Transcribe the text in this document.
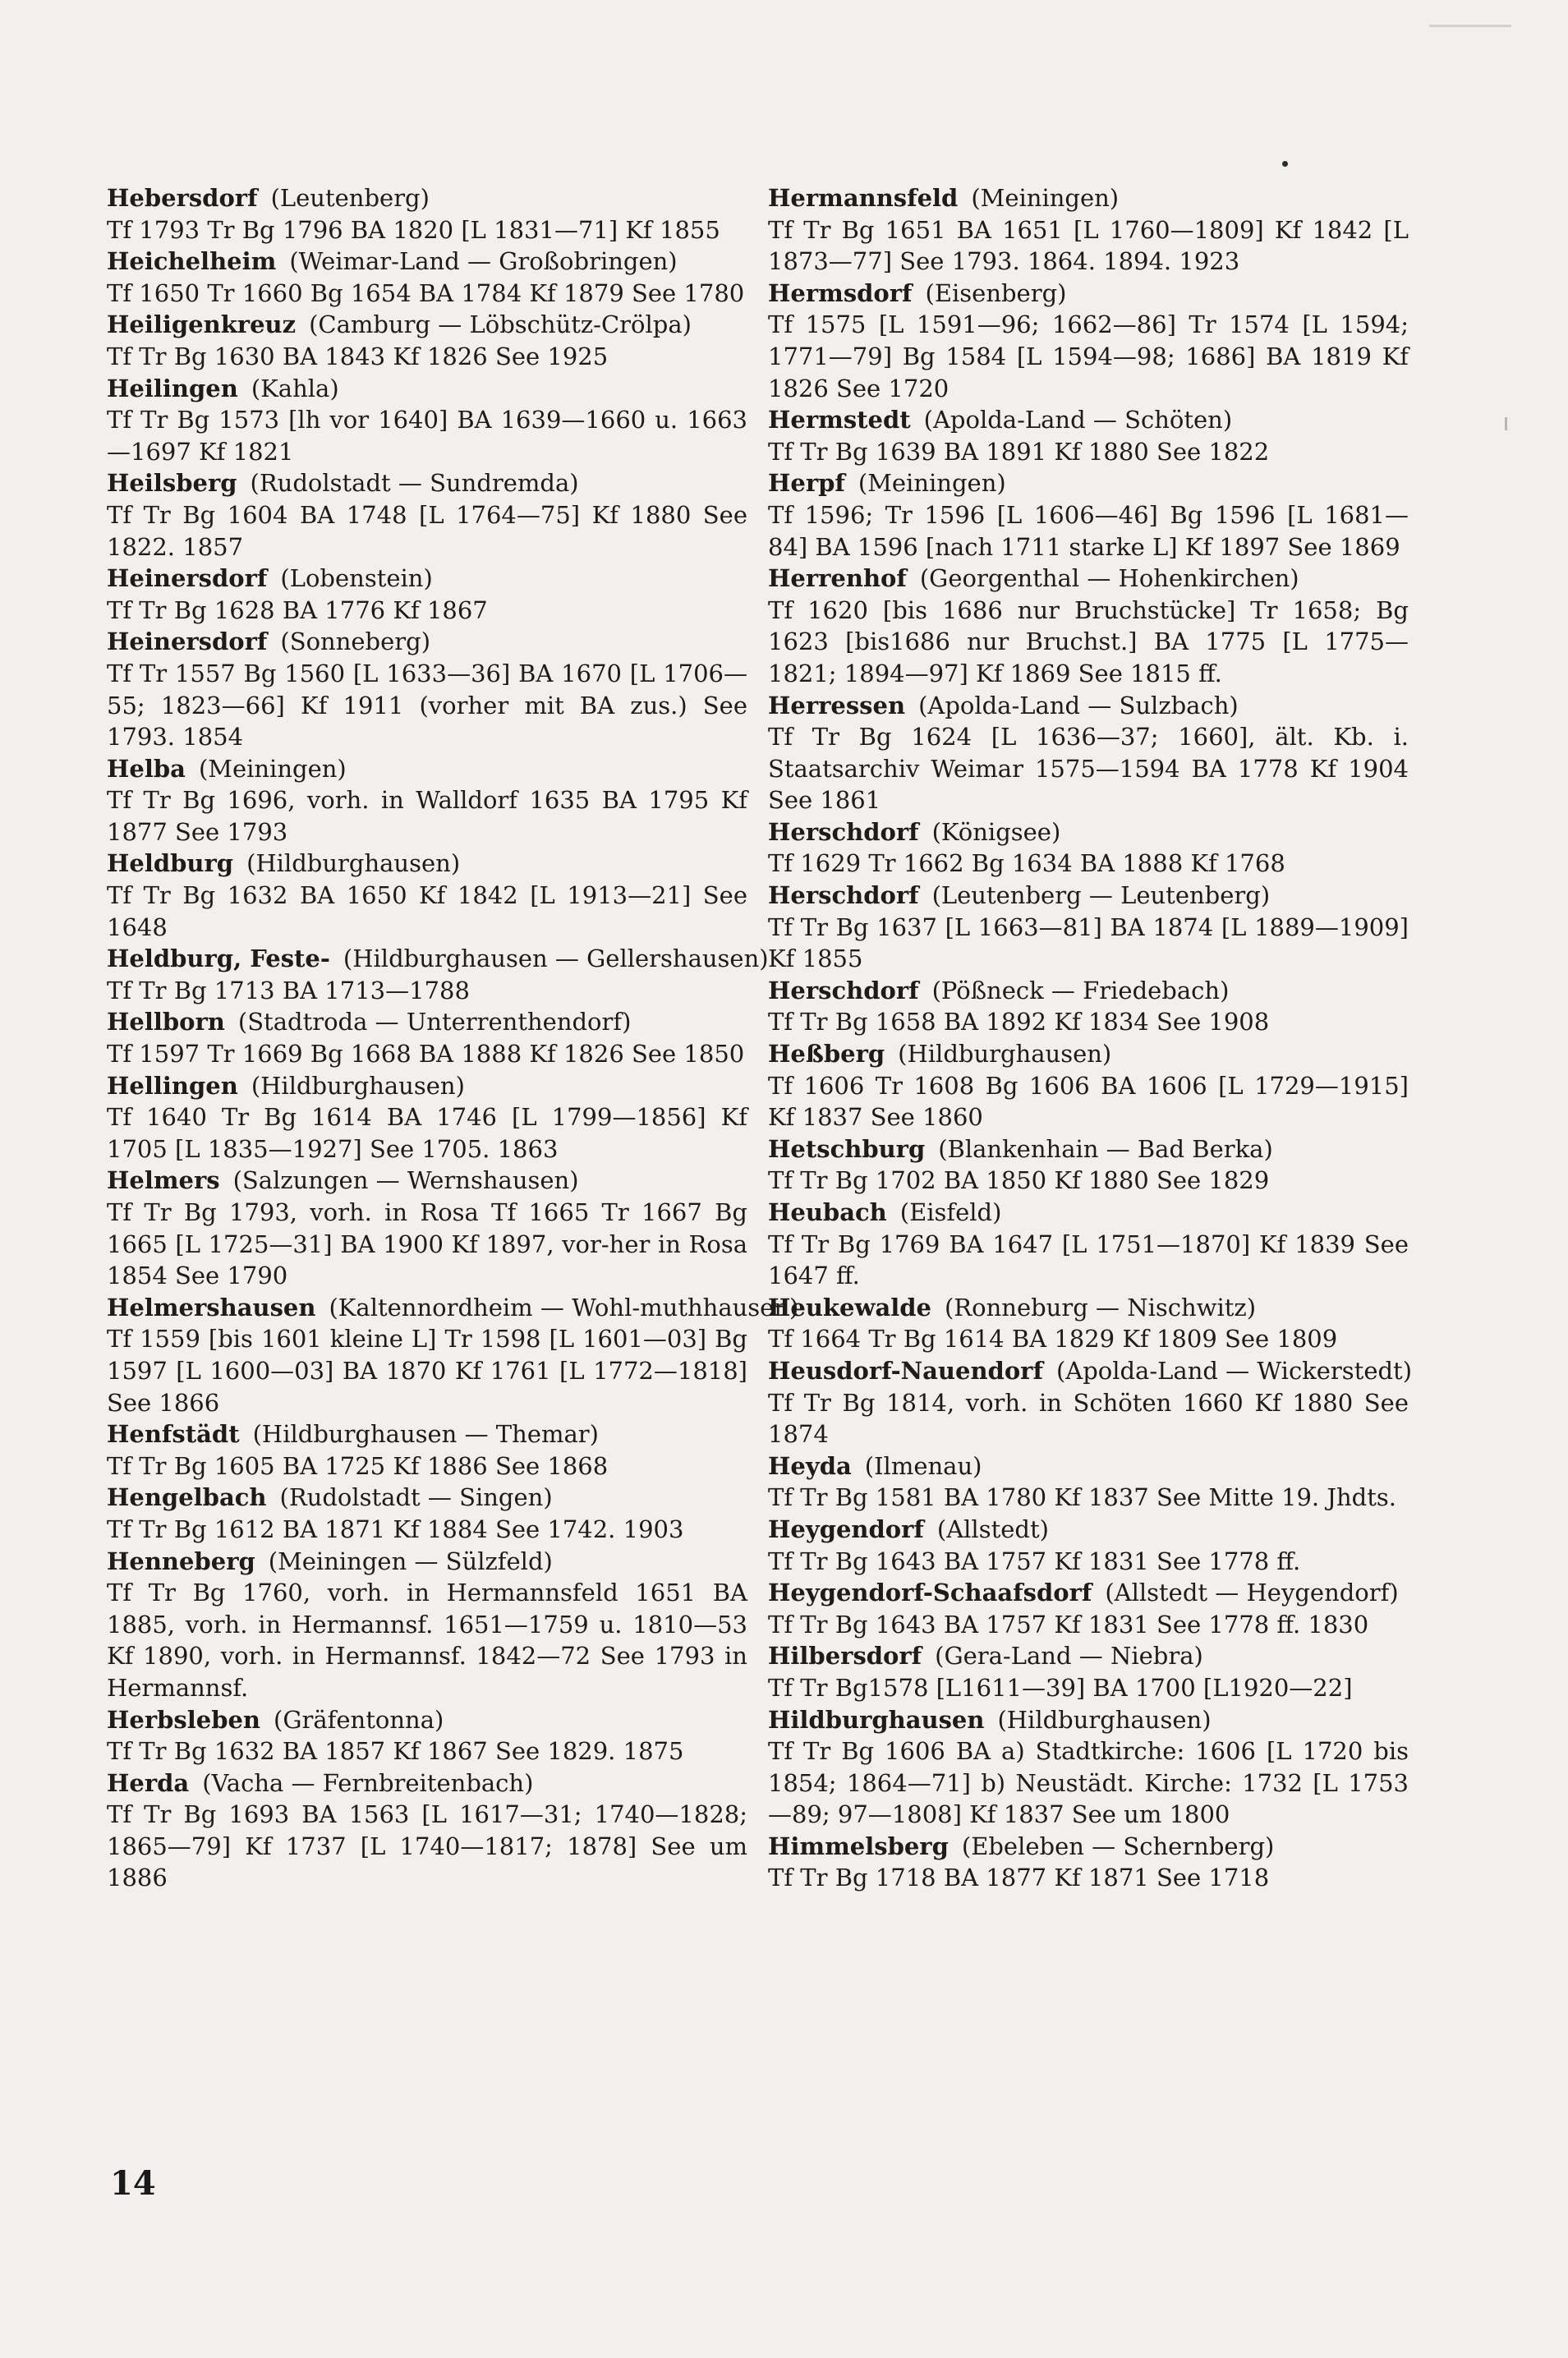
Hebersdorf (Leutenberg)
Tf 1793 Tr Bg 1796 BA 1820 [L 1831—71] Kf 1855
Heichelheim (Weimar-Land — Großobringen)
Tf 1650 Tr 1660 Bg 1654 BA 1784 Kf 1879 See 1780
Heiligenkreuz (Camburg — Löbschütz-Crölpa)
Tf Tr Bg 1630 BA 1843 Kf 1826 See 1925
Heilingen (Kahla)
Tf Tr Bg 1573 [lh vor 1640] BA 1639—1660 u. 1663—1697 Kf 1821
Heilsberg (Rudolstadt — Sundremda)
Tf Tr Bg 1604 BA 1748 [L 1764—75] Kf 1880 See 1822. 1857
Heinersdorf (Lobenstein)
Tf Tr Bg 1628 BA 1776 Kf 1867
Heinersdorf (Sonneberg)
Tf Tr 1557 Bg 1560 [L 1633—36] BA 1670 [L 1706—55; 1823—66] Kf 1911 (vorher mit BA zus.) See 1793. 1854
Helba (Meiningen)
Tf Tr Bg 1696, vorh. in Walldorf 1635 BA 1795 Kf 1877 See 1793
Heldburg (Hildburghausen)
Tf Tr Bg 1632 BA 1650 Kf 1842 [L 1913—21] See 1648
Heldburg, Feste- (Hildburghausen — Gellershausen)
Tf Tr Bg 1713 BA 1713—1788
Hellborn (Stadtroda — Unterrenthendorf)
Tf 1597 Tr 1669 Bg 1668 BA 1888 Kf 1826 See 1850
Hellingen (Hildburghausen)
Tf 1640 Tr Bg 1614 BA 1746 [L 1799—1856] Kf 1705 [L 1835—1927] See 1705. 1863
Helmers (Salzungen — Wernshausen)
Tf Tr Bg 1793, vorh. in Rosa Tf 1665 Tr 1667 Bg 1665 [L 1725—31] BA 1900 Kf 1897, vor-her in Rosa 1854 See 1790
Helmershausen (Kaltennordheim — Wohl-muthhausen)
Tf 1559 [bis 1601 kleine L] Tr 1598 [L 1601—03] Bg 1597 [L 1600—03] BA 1870 Kf 1761 [L 1772—1818] See 1866
Henfstädt (Hildburghausen — Themar)
Tf Tr Bg 1605 BA 1725 Kf 1886 See 1868
Hengelbach (Rudolstadt — Singen)
Tf Tr Bg 1612 BA 1871 Kf 1884 See 1742. 1903
Henneberg (Meiningen — Sülzfeld)
Tf Tr Bg 1760, vorh. in Hermannsfeld 1651 BA 1885, vorh. in Hermannsf. 1651—1759 u. 1810—53 Kf 1890, vorh. in Hermannsf. 1842—72 See 1793 in Hermannsf.
Herbsleben (Gräfentonna)
Tf Tr Bg 1632 BA 1857 Kf 1867 See 1829. 1875
Herda (Vacha — Fernbreitenbach)
Tf Tr Bg 1693 BA 1563 [L 1617—31; 1740—1828; 1865—79] Kf 1737 [L 1740—1817; 1878] See um 1886
Hermannsfeld (Meiningen)
Tf Tr Bg 1651 BA 1651 [L 1760—1809] Kf 1842 [L 1873—77] See 1793. 1864. 1894. 1923
Hermsdorf (Eisenberg)
Tf 1575 [L 1591—96; 1662—86] Tr 1574 [L 1594; 1771—79] Bg 1584 [L 1594—98; 1686] BA 1819 Kf 1826 See 1720
Hermstedt (Apolda-Land — Schöten)
Tf Tr Bg 1639 BA 1891 Kf 1880 See 1822
Herpf (Meiningen)
Tf 1596; Tr 1596 [L 1606—46] Bg 1596 [L 1681—84] BA 1596 [nach 1711 starke L] Kf 1897 See 1869
Herrenhof (Georgenthal — Hohenkirchen)
Tf 1620 [bis 1686 nur Bruchstücke] Tr 1658; Bg 1623 [bis1686 nur Bruchst.] BA 1775 [L 1775—1821; 1894—97] Kf 1869 See 1815 ff.
Herressen (Apolda-Land — Sulzbach)
Tf Tr Bg 1624 [L 1636—37; 1660], ält. Kb. i. Staatsarchiv Weimar 1575—1594 BA 1778 Kf 1904 See 1861
Herschdorf (Königsee)
Tf 1629 Tr 1662 Bg 1634 BA 1888 Kf 1768
Herschdorf (Leutenberg — Leutenberg)
Tf Tr Bg 1637 [L 1663—81] BA 1874 [L 1889—1909] Kf 1855
Herschdorf (Pößneck — Friedebach)
Tf Tr Bg 1658 BA 1892 Kf 1834 See 1908
Heßberg (Hildburghausen)
Tf 1606 Tr 1608 Bg 1606 BA 1606 [L 1729—1915] Kf 1837 See 1860
Hetschburg (Blankenhain — Bad Berka)
Tf Tr Bg 1702 BA 1850 Kf 1880 See 1829
Heubach (Eisfeld)
Tf Tr Bg 1769 BA 1647 [L 1751—1870] Kf 1839 See 1647 ff.
Heukewalde (Ronneburg — Nischwitz)
Tf 1664 Tr Bg 1614 BA 1829 Kf 1809 See 1809
Heusdorf-Nauendorf (Apolda-Land — Wickerstedt)
Tf Tr Bg 1814, vorh. in Schöten 1660 Kf 1880 See 1874
Heyda (Ilmenau)
Tf Tr Bg 1581 BA 1780 Kf 1837 See Mitte 19. Jhdts.
Heygendorf (Allstedt)
Tf Tr Bg 1643 BA 1757 Kf 1831 See 1778 ff.
Heygendorf-Schaafsdorf (Allstedt — Heygendorf)
Tf Tr Bg 1643 BA 1757 Kf 1831 See 1778 ff. 1830
Hilbersdorf (Gera-Land — Niebra)
Tf Tr Bg1578 [L1611—39] BA 1700 [L1920—22]
Hildburghausen (Hildburghausen)
Tf Tr Bg 1606 BA a) Stadtkirche: 1606 [L 1720 bis 1854; 1864—71] b) Neustädt. Kirche: 1732 [L 1753—89; 97—1808] Kf 1837 See um 1800
Himmelsberg (Ebeleben — Schernberg)
Tf Tr Bg 1718 BA 1877 Kf 1871 See 1718
14
